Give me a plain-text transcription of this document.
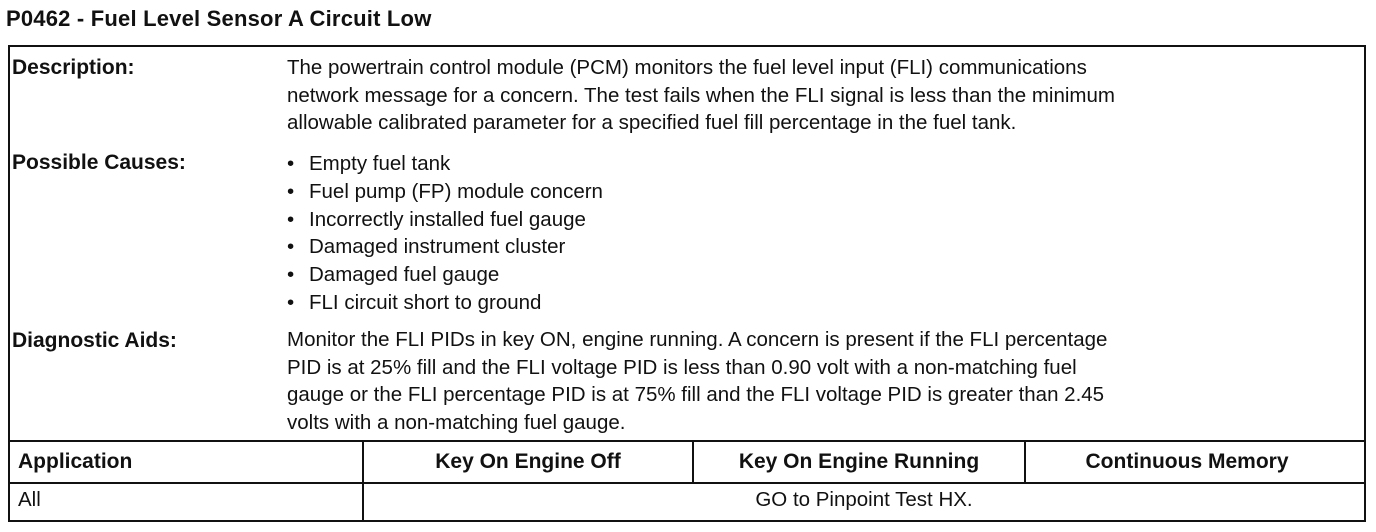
P0462 - Fuel Level Sensor A Circuit Low
Description:	The powertrain control module (PCM) monitors the fuel level input (FLI) communications
network message for a concern. The test fails when the FLI signal is less than the minimum
allowable calibrated parameter for a specified fuel fill percentage in the fuel tank.
Possible Causes:
•	Empty fuel tank
• Fuel pump (FP) module concern
• Incorrectly installed fuel gauge
• Damaged instrument cluster
• Damaged fuel gauge
• FLI circuit short to ground
Diagnostic Aids:	Monitor the FLI PIDs in key ON, engine running. A concern is present if the FLI percentage
PID is at 25% fill and the FLI voltage PID is less than 0.90 volt with a non-matching fuel
gauge or the FLI percentage PID is at 75% fill and the FLI voltage PID is greater than 2.45
volts with a non-matching fuel gauge.
Application	Key On Engine Off	Key On Engine Running	Continuous Memory
All	GO to Pinpoint Test HX.
